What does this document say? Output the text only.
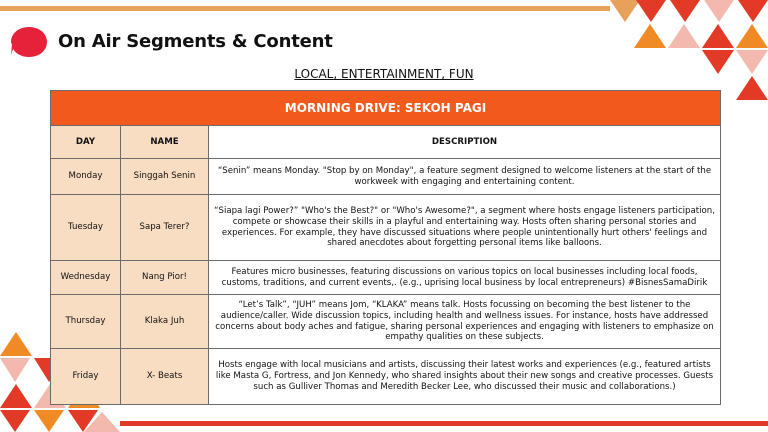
On Air Segments & Content
LOCAL, ENTERTAINMENT, FUN
MORNING DRIVE: SEKOH PAGI		
DAY	NAME	DESCRIPTION
Monday	Singgah Senin	“Senin” means Monday. "Stop by on Monday", a feature segment designed to welcome listeners at the start of the workweek with engaging and entertaining content.
Tuesday	Sapa Terer?	“Siapa lagi Power?” "Who's the Best?" or "Who's Awesome?", a segment where hosts engage listeners participation, compete or showcase their skills in a playful and entertaining way. Hosts often sharing personal stories and experiences. For example, they have discussed situations where people unintentionally hurt others' feelings and shared anecdotes about forgetting personal items like balloons.
Wednesday	Nang Pior!	Features micro businesses, featuring discussions on various topics on local businesses including local foods, customs, traditions, and current events,. (e.g., uprising local business by local entrepreneurs) #BisnesSamaDirik
Thursday	Klaka Juh	“Let’s Talk”, “JUH” means Jom, “KLAKA” means talk. Hosts focussing on becoming the best listener to the audience/caller. Wide discussion topics, including health and wellness issues. For instance, hosts have addressed concerns about body aches and fatigue, sharing personal experiences and engaging with listeners to emphasize on empathy qualities on these subjects.
Friday	X- Beats	Hosts engage with local musicians and artists, discussing their latest works and experiences (e.g., featured artists like Masta G, Fortress, and Jon Kennedy, who shared insights about their new songs and creative processes. Guests such as Gulliver Thomas and Meredith Becker Lee, who discussed their music and collaborations.)
